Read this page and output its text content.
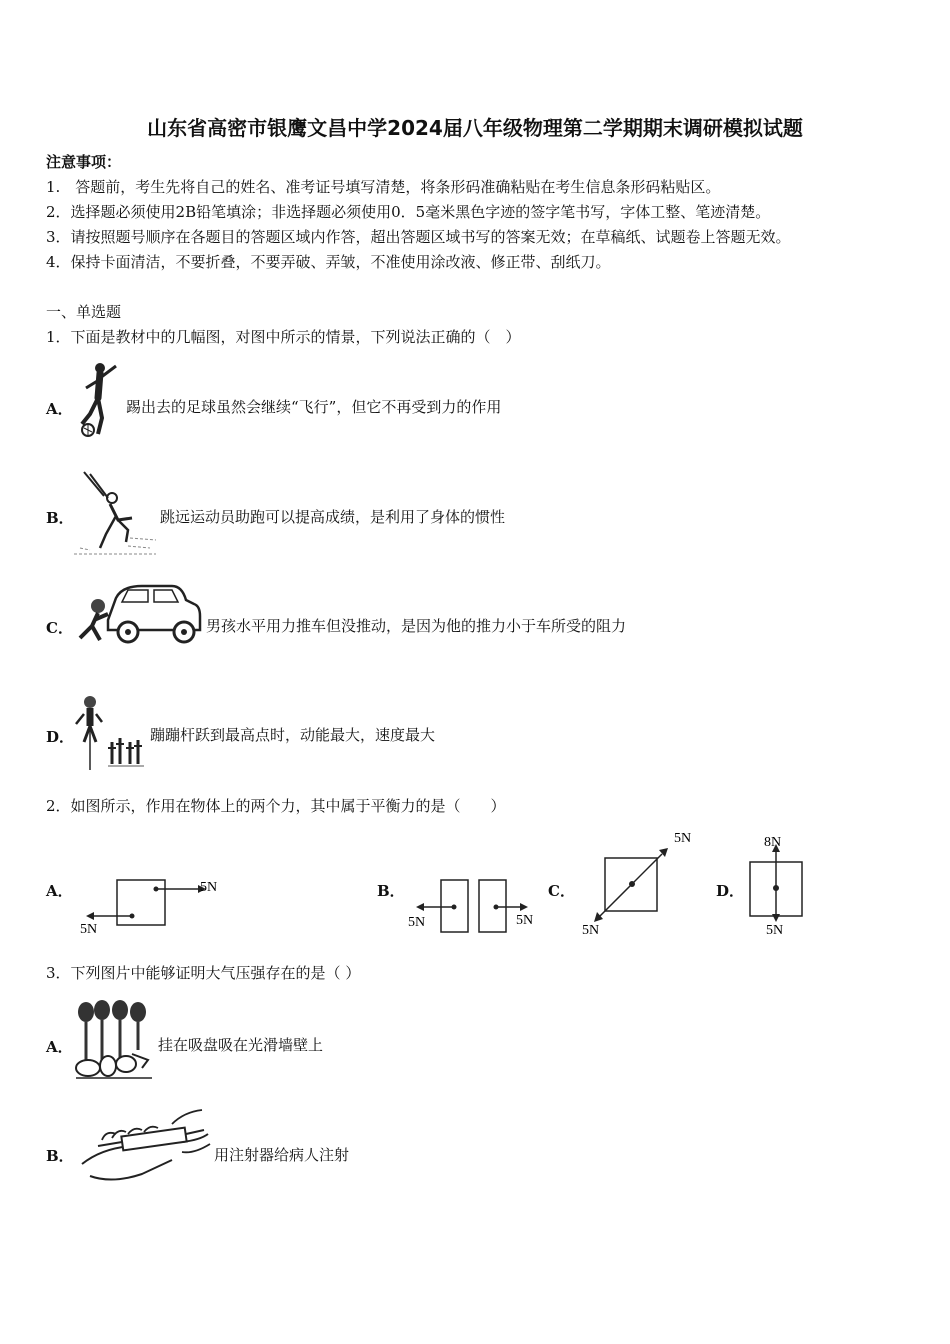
山东省高密市银鹰文昌中学2024届八年级物理第二学期期末调研模拟试题
注意事项：
1.　答题前，考生先将自己的姓名、准考证号填写清楚，将条形码准确粘贴在考生信息条形码粘贴区。
2．选择题必须使用2B铅笔填涂；非选择题必须使用0．5毫米黑色字迹的签字笔书写，字体工整、笔迹清楚。
3．请按照题号顺序在各题目的答题区域内作答，超出答题区域书写的答案无效；在草稿纸、试题卷上答题无效。
4．保持卡面清洁，不要折叠，不要弄破、弄皱，不准使用涂改液、修正带、刮纸刀。
一、单选题
1．下面是教材中的几幅图，对图中所示的情景，下列说法正确的（　）
A．	踢出去的足球虽然会继续“飞行”，但它不再受到力的作用
B．	跳远运动员助跑可以提高成绩，是利用了身体的惯性
C．	男孩水平用力推车但没推动，是因为他的推力小于车所受的阻力
D．	蹦蹦杆跃到最高点时，动能最大，速度最大
2．如图所示，作用在物体上的两个力，其中属于平衡力的是（　　）
A．	5N
5N
B．
5N	5N
C．
5N
5N
D．
8N
5N
3．下列图片中能够证明大气压强存在的是（ ）
A．	挂在吸盘吸在光滑墙壁上
B．	用注射器给病人注射
